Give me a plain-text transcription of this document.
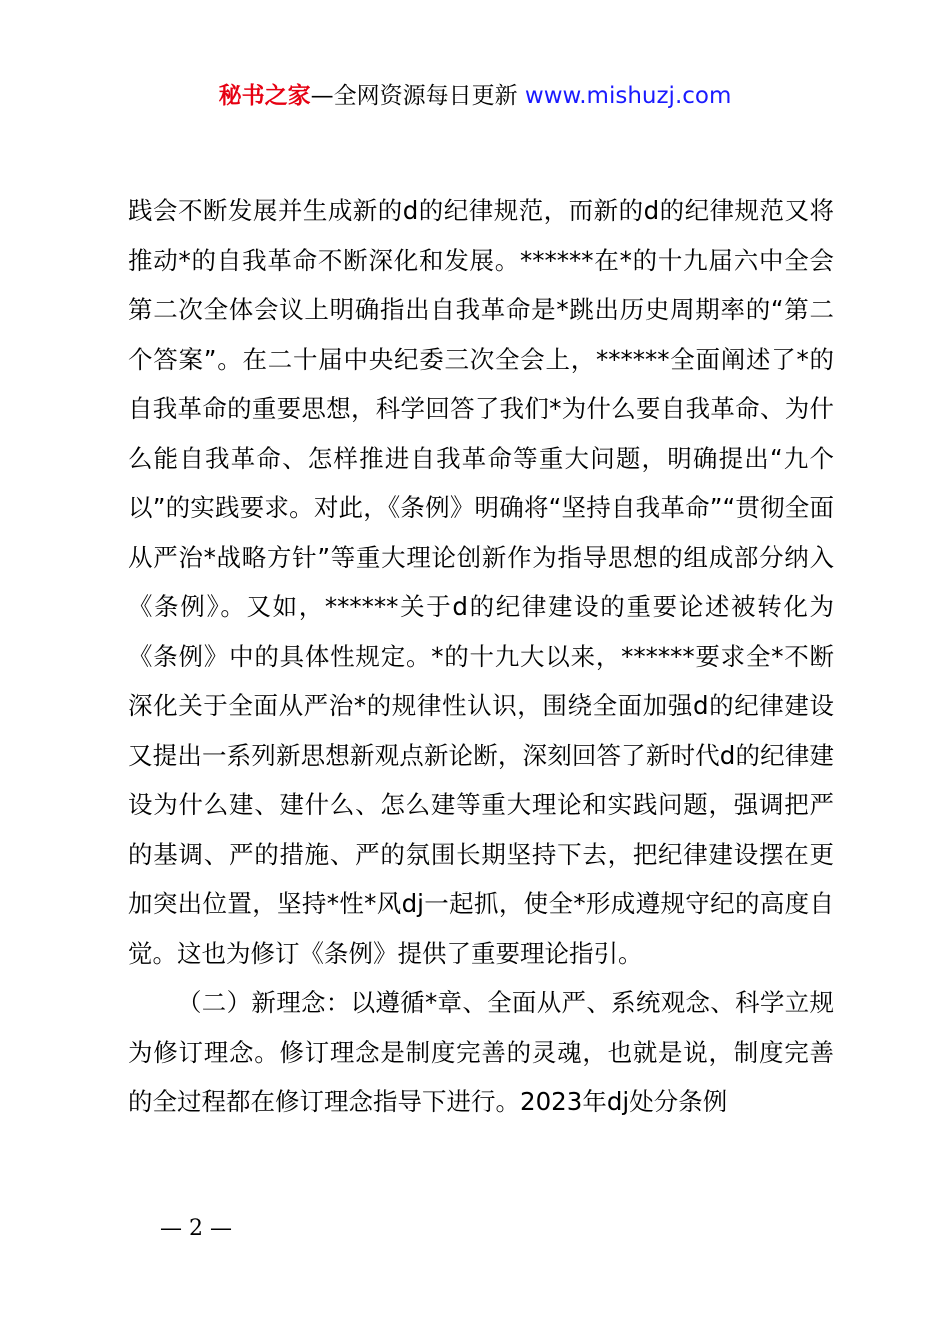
秘书之家—全网资源每日更新 www.mishuzj.com

践会不断发展并生成新的d的纪律规范，而新的d的纪律规范又将推动*的自我革命不断深化和发展。******在*的十九届六中全会第二次全体会议上明确指出自我革命是*跳出历史周期率的“第二个答案”。在二十届中央纪委三次全会上，******全面阐述了*的自我革命的重要思想，科学回答了我们*为什么要自我革命、为什么能自我革命、怎样推进自我革命等重大问题，明确提出“九个以”的实践要求。对此，《条例》明确将“坚持自我革命”“贯彻全面从严治*战略方针”等重大理论创新作为指导思想的组成部分纳入《条例》。又如，******关于d的纪律建设的重要论述被转化为《条例》中的具体性规定。*的十九大以来，******要求全*不断深化关于全面从严治*的规律性认识，围绕全面加强d的纪律建设又提出一系列新思想新观点新论断，深刻回答了新时代d的纪律建设为什么建、建什么、怎么建等重大理论和实践问题，强调把严的基调、严的措施、严的氛围长期坚持下去，把纪律建设摆在更加突出位置，坚持*性*风dj一起抓，使全*形成遵规守纪的高度自觉。这也为修订《条例》提供了重要理论指引。

（二）新理念：以遵循*章、全面从严、系统观念、科学立规为修订理念。修订理念是制度完善的灵魂，也就是说，制度完善的全过程都在修订理念指导下进行。2023年dj处分条例

— 2 —
